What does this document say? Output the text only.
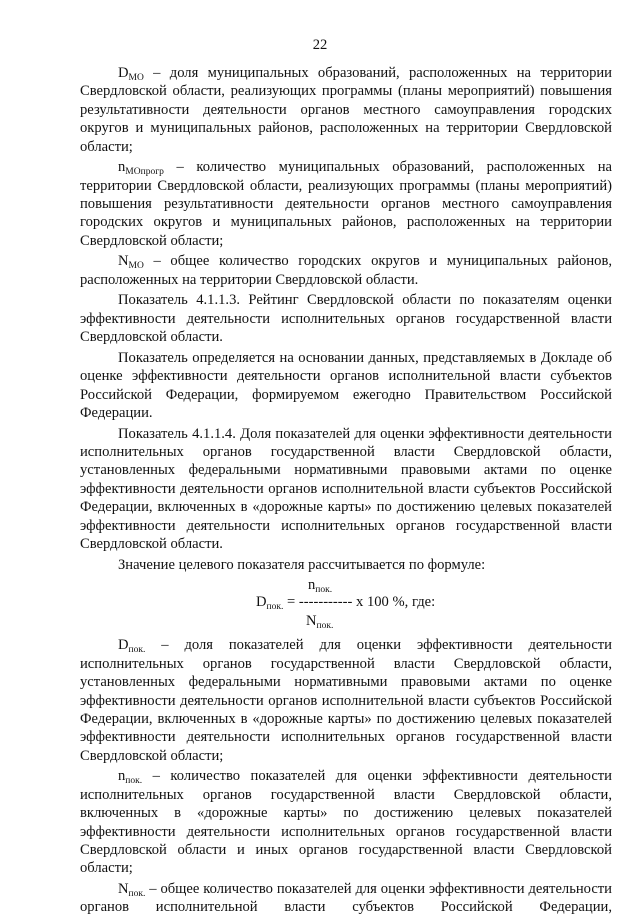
22

$D_{МО}$ – доля муниципальных образований, расположенных на территории Свердловской области, реализующих программы (планы мероприятий) повышения результативности деятельности органов местного самоуправления городских округов и муниципальных районов, расположенных на территории Свердловской области;

$n_{МОпрогр}$ – количество муниципальных образований, расположенных на территории Свердловской области, реализующих программы (планы мероприятий) повышения результативности деятельности органов местного самоуправления городских округов и муниципальных районов, расположенных на территории Свердловской области;

$N_{МО}$ – общее количество городских округов и муниципальных районов, расположенных на территории Свердловской области.

Показатель 4.1.1.3. Рейтинг Свердловской области по показателям оценки эффективности деятельности исполнительных органов государственной власти Свердловской области.

Показатель определяется на основании данных, представляемых в Докладе об оценке эффективности деятельности органов исполнительной власти субъектов Российской Федерации, формируемом ежегодно Правительством Российской Федерации.

Показатель 4.1.1.4. Доля показателей для оценки эффективности деятельности исполнительных органов государственной власти Свердловской области, установленных федеральными нормативными правовыми актами по оценке эффективности деятельности органов исполнительной власти субъектов Российской Федерации, включенных в «дорожные карты» по достижению целевых показателей эффективности деятельности исполнительных органов государственной власти Свердловской области.

Значение целевого показателя рассчитывается по формуле:

$n_{пок.}$
$D_{пок.}$ = ----------- x 100 %, где:
$N_{пок.}$

$D_{пок.}$ – доля показателей для оценки эффективности деятельности исполнительных органов государственной власти Свердловской области, установленных федеральными нормативными правовыми актами по оценке эффективности деятельности органов исполнительной власти субъектов Российской Федерации, включенных в «дорожные карты» по достижению целевых показателей эффективности деятельности исполнительных органов государственной власти Свердловской области;

$n_{пок.}$ – количество показателей для оценки эффективности деятельности исполнительных органов государственной власти Свердловской области, включенных в «дорожные карты» по достижению целевых показателей эффективности деятельности исполнительных органов государственной власти Свердловской области и иных органов государственной власти Свердловской области;

$N_{пок.}$ – общее количество показателей для оценки эффективности деятельности органов исполнительной власти субъектов Российской Федерации,
